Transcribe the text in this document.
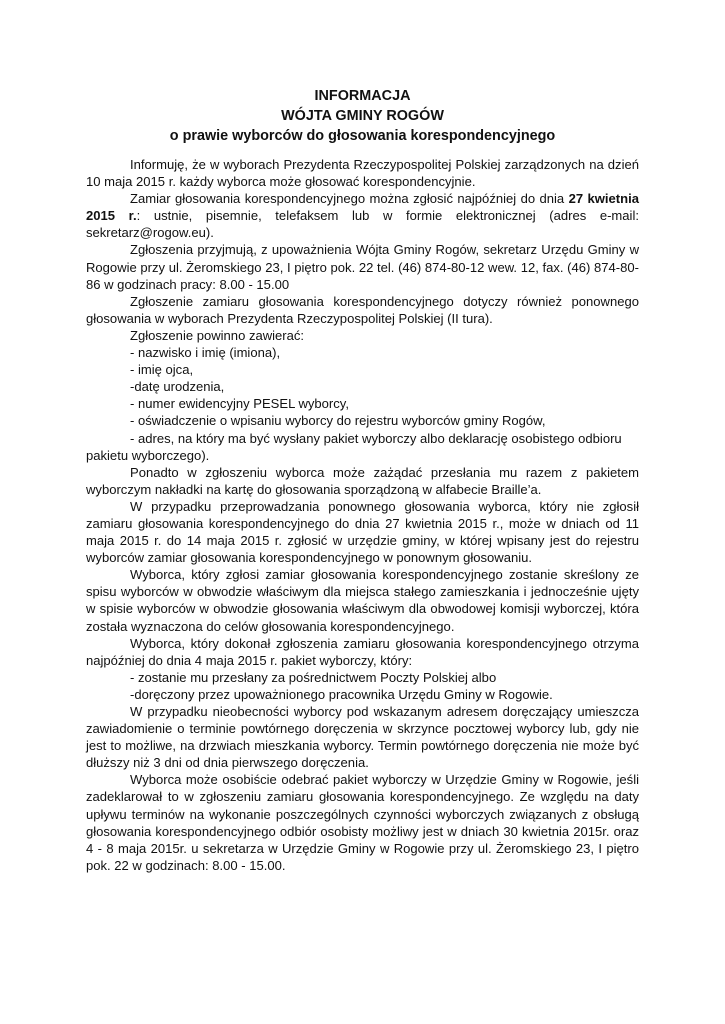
INFORMACJA
WÓJTA GMINY ROGÓW
o prawie wyborców do głosowania korespondencyjnego

Informuję, że w wyborach Prezydenta Rzeczypospolitej Polskiej zarządzonych na dzień 10 maja 2015 r. każdy wyborca może głosować korespondencyjnie.

Zamiar głosowania korespondencyjnego można zgłosić najpóźniej do dnia 27 kwietnia 2015 r.: ustnie, pisemnie, telefaksem lub w formie elektronicznej (adres e-mail: sekretarz@rogow.eu).

Zgłoszenia przyjmują, z upoważnienia Wójta Gminy Rogów, sekretarz Urzędu Gminy w Rogowie przy ul. Żeromskiego 23, I piętro pok. 22 tel. (46) 874-80-12 wew. 12, fax. (46) 874-80-86 w godzinach pracy: 8.00 - 15.00

Zgłoszenie zamiaru głosowania korespondencyjnego dotyczy również ponownego głosowania w wyborach Prezydenta Rzeczypospolitej Polskiej (II tura).

Zgłoszenie powinno zawierać:

- nazwisko i imię (imiona),

- imię ojca,

-datę urodzenia,

- numer ewidencyjny PESEL wyborcy,

- oświadczenie o wpisaniu wyborcy do rejestru wyborców gminy Rogów,

- adres, na który ma być wysłany pakiet wyborczy albo deklarację osobistego odbioru
pakietu wyborczego).

Ponadto w zgłoszeniu wyborca może zażądać przesłania mu razem z pakietem wyborczym nakładki na kartę do głosowania sporządzoną w alfabecie Braille’a.

W przypadku przeprowadzania ponownego głosowania wyborca, który nie zgłosił zamiaru głosowania korespondencyjnego do dnia 27 kwietnia 2015 r., może w dniach od 11 maja 2015 r. do 14 maja 2015 r. zgłosić w urzędzie gminy, w której wpisany jest do rejestru wyborców zamiar głosowania korespondencyjnego w ponownym głosowaniu.

Wyborca, który zgłosi zamiar głosowania korespondencyjnego zostanie skreślony ze spisu wyborców w obwodzie właściwym dla miejsca stałego zamieszkania i jednocześnie ujęty w spisie wyborców w obwodzie głosowania właściwym dla obwodowej komisji wyborczej, która została wyznaczona do celów głosowania korespondencyjnego.

Wyborca, który dokonał zgłoszenia zamiaru głosowania korespondencyjnego otrzyma najpóźniej do dnia 4 maja 2015 r. pakiet wyborczy, który:

- zostanie mu przesłany za pośrednictwem Poczty Polskiej albo

-doręczony przez upoważnionego pracownika Urzędu Gminy w Rogowie.

W przypadku nieobecności wyborcy pod wskazanym adresem doręczający umieszcza zawiadomienie o terminie powtórnego doręczenia w skrzynce pocztowej wyborcy lub, gdy nie jest to możliwe, na drzwiach mieszkania wyborcy. Termin powtórnego doręczenia nie może być dłuższy niż 3 dni od dnia pierwszego doręczenia.

Wyborca może osobiście odebrać pakiet wyborczy w Urzędzie Gminy w Rogowie, jeśli zadeklarował to w zgłoszeniu zamiaru głosowania korespondencyjnego. Ze względu na daty upływu terminów na wykonanie poszczególnych czynności wyborczych związanych z obsługą głosowania korespondencyjnego odbiór osobisty możliwy jest w dniach 30 kwietnia 2015r. oraz 4 - 8 maja 2015r. u sekretarza w Urzędzie Gminy w Rogowie przy ul. Żeromskiego 23, I piętro pok. 22 w godzinach: 8.00 - 15.00.
